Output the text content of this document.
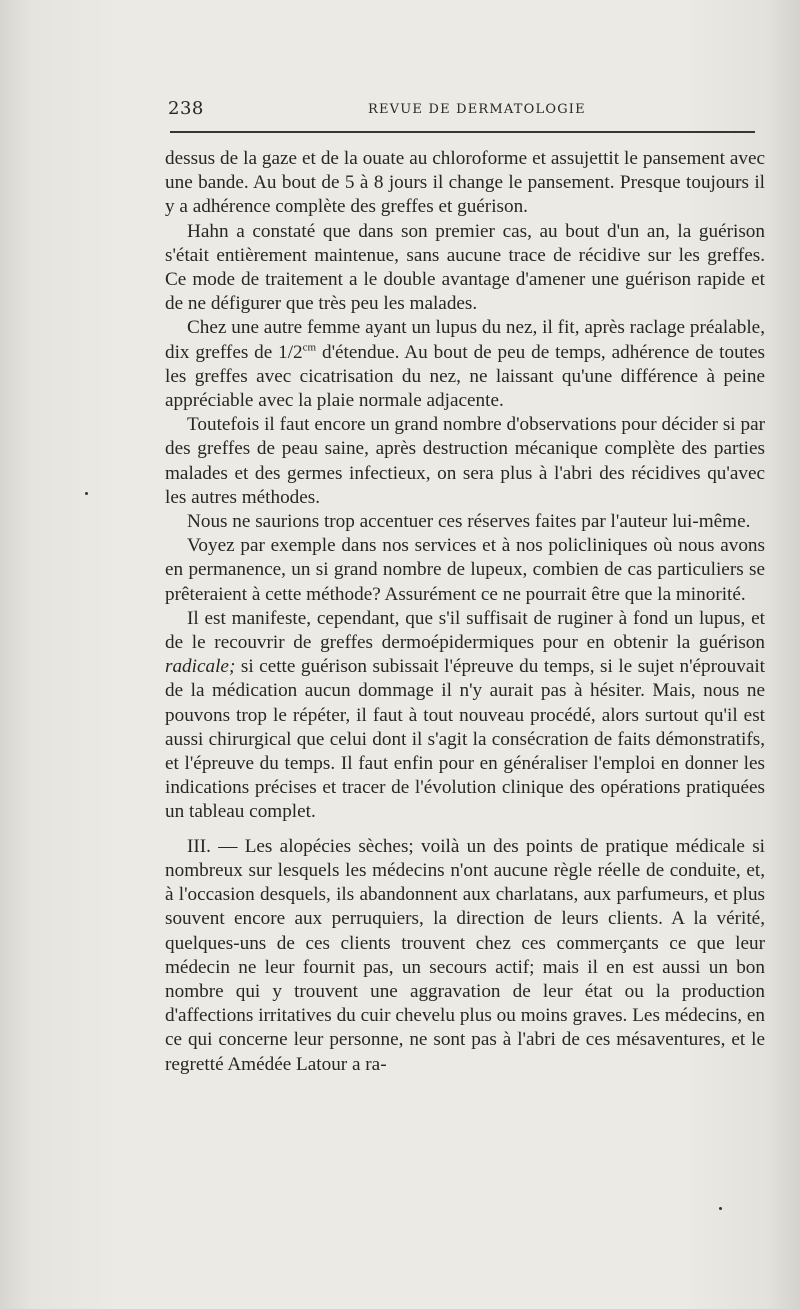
238	REVUE DE DERMATOLOGIE

dessus de la gaze et de la ouate au chloroforme et assujettit le pansement avec une bande. Au bout de 5 à 8 jours il change le pansement. Presque toujours il y a adhérence complète des greffes et guérison.

Hahn a constaté que dans son premier cas, au bout d'un an, la guérison s'était entièrement maintenue, sans aucune trace de récidive sur les greffes. Ce mode de traitement a le double avantage d'amener une guérison rapide et de ne défigurer que très peu les malades.

Chez une autre femme ayant un lupus du nez, il fit, après raclage préalable, dix greffes de $1/2^{cm}$ d'étendue. Au bout de peu de temps, adhérence de toutes les greffes avec cicatrisation du nez, ne laissant qu'une différence à peine appréciable avec la plaie normale adjacente.

Toutefois il faut encore un grand nombre d'observations pour décider si par des greffes de peau saine, après destruction mécanique complète des parties malades et des germes infectieux, on sera plus à l'abri des récidives qu'avec les autres méthodes.

Nous ne saurions trop accentuer ces réserves faites par l'auteur lui-même.

Voyez par exemple dans nos services et à nos policliniques où nous avons en permanence, un si grand nombre de lupeux, combien de cas particuliers se prêteraient à cette méthode? Assurément ce ne pourrait être que la minorité.

Il est manifeste, cependant, que s'il suffisait de ruginer à fond un lupus, et de le recouvrir de greffes dermoépidermiques pour en obtenir la guérison radicale; si cette guérison subissait l'épreuve du temps, si le sujet n'éprouvait de la médication aucun dommage il n'y aurait pas à hésiter. Mais, nous ne pouvons trop le répéter, il faut à tout nouveau procédé, alors surtout qu'il est aussi chirurgical que celui dont il s'agit la consécration de faits démonstratifs, et l'épreuve du temps. Il faut enfin pour en généraliser l'emploi en donner les indications précises et tracer de l'évolution clinique des opérations pratiquées un tableau complet.

III. — Les alopécies sèches; voilà un des points de pratique médicale si nombreux sur lesquels les médecins n'ont aucune règle réelle de conduite, et, à l'occasion desquels, ils abandonnent aux charlatans, aux parfumeurs, et plus souvent encore aux perruquiers, la direction de leurs clients. A la vérité, quelques-uns de ces clients trouvent chez ces commerçants ce que leur médecin ne leur fournit pas, un secours actif; mais il en est aussi un bon nombre qui y trouvent une aggravation de leur état ou la production d'affections irritatives du cuir chevelu plus ou moins graves. Les médecins, en ce qui concerne leur personne, ne sont pas à l'abri de ces mésaventures, et le regretté Amédée Latour a ra-
